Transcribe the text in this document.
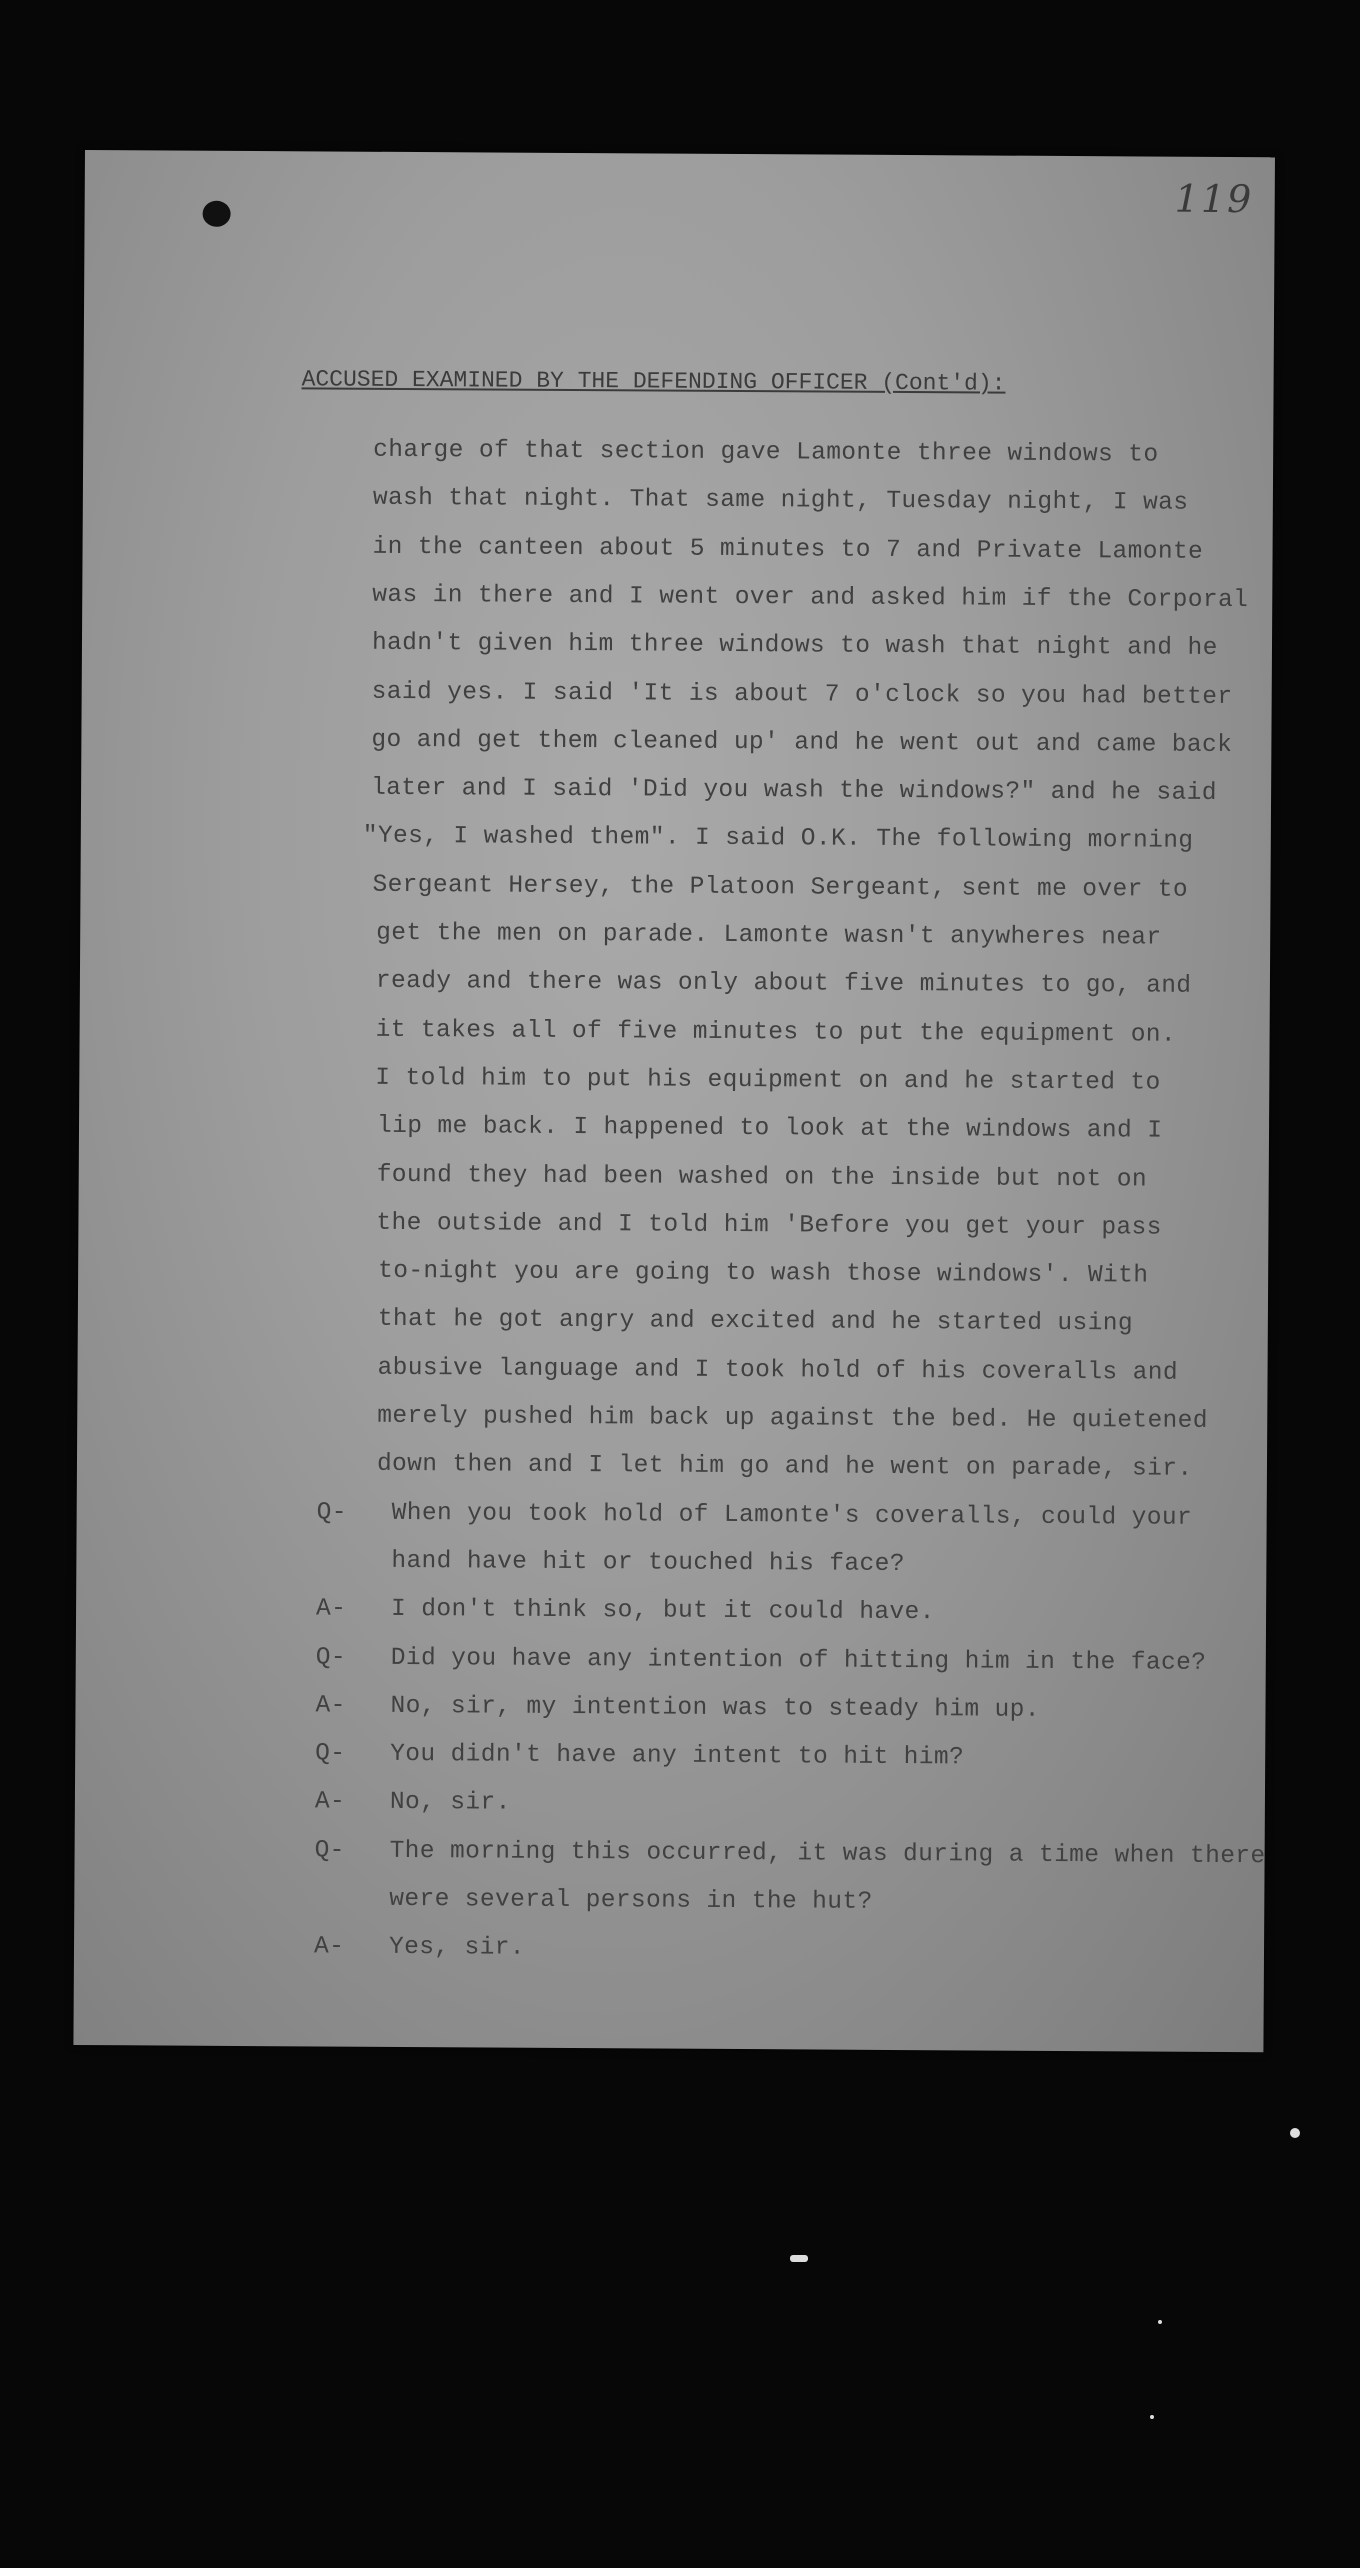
119
ACCUSED EXAMINED BY THE DEFENDING OFFICER (Cont'd):
charge of that section gave Lamonte three windows to
wash that night. That same night, Tuesday night, I was
in the canteen about 5 minutes to 7 and Private Lamonte
was in there and I went over and asked him if the Corporal
hadn't given him three windows to wash that night and he
said yes. I said 'It is about 7 o'clock so you had better
go and get them cleaned up' and he went out and came back
later and I said 'Did you wash the windows?" and he said
"Yes, I washed them". I said O.K. The following morning
Sergeant Hersey, the Platoon Sergeant, sent me over to
get the men on parade. Lamonte wasn't anywheres near
ready and there was only about five minutes to go, and
it takes all of five minutes to put the equipment on.
I told him to put his equipment on and he started to
lip me back. I happened to look at the windows and I
found they had been washed on the inside but not on
the outside and I told him 'Before you get your pass
to-night you are going to wash those windows'. With
that he got angry and excited and he started using
abusive language and I took hold of his coveralls and
merely pushed him back up against the bed. He quietened
down then and I let him go and he went on parade, sir.
Q- When you took hold of Lamonte's coveralls, could your
hand have hit or touched his face?
A- I don't think so, but it could have.
Q- Did you have any intention of hitting him in the face?
A- No, sir, my intention was to steady him up.
Q- You didn't have any intent to hit him?
A- No, sir.
Q- The morning this occurred, it was during a time when there
were several persons in the hut?
A- Yes, sir.
